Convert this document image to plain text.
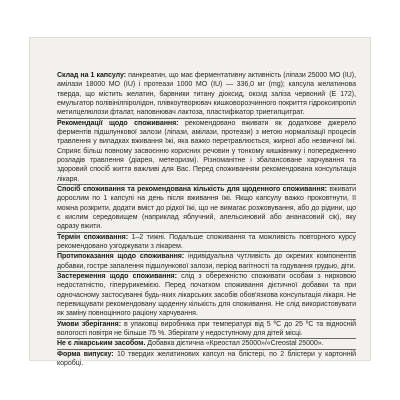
Склад на 1 капсулу: панкреатин, що має ферментативну активність (ліпази 25000 МО (IU), амілази 18000 МО (IU) і протеази 1000 МО (IU) — 336,0 мг (mg); капсула желатинова тверда, що містить желатин, барвники титану діоксид, оксид заліза червоний (E 172), емульгатор полівінілпіролідон, плівкоутворювач кишковорозчинного покриття гідроксипропіл метилцелюлози фталат, наповнювач лактоза, пластифікатор триетилцитрат.

Рекомендації щодо споживання: рекомендовано вживати як додаткове джерело ферментів підшлункової залози (ліпази, амілази, протеази) з метою нормалізації процесів травлення у випадках вживання їжі, яка важко перетравлюється, жирної або незвичної їжі. Сприяє більш повному засвоєнню корисних речовин у тонкому кишківнику і попередженню розладів травлення (діарея, метеоризм). Різноманітне і збалансоване харчування та здоровий спосіб життя важливі для Вас. Перед споживанням рекомендована консультація лікаря.

Спосіб споживання та рекомендована кількість для щоденного споживання: вживати дорослим по 1 капсулі на день після вживання їжі. Якщо капсулу важко проковтнути, її можна розкрити, додати вміст до рідкої їжі, що не вимагає розжовування, або до рідини, що є кислим середовищем (наприклад яблучний, апельсиновий або ананасовий сік), яку одразу вжити.

Термін споживання: 1–2 тижні. Подальше споживання та можливість повторного курсу рекомендовано узгоджувати з лікарем.

Протипоказання щодо споживання: індивідуальна чутливість до окремих компонентів добавки, гостре запалення підшлункової залози, період вагітності та годування грудью, діти.

Застереження щодо споживання: слід з обережністю споживати особам з нирковою недостатністю, гіперурикемією. Перед початком споживання дієтичної добавки та при одночасному застосуванні будь-яких лікарських засобів обов'язкова консультація лікаря. Не перевищувати рекомендовану щоденну кількість для споживання. Не слід використовувати як заміну повноцінного раціону харчування.

Умови зберігання: в упаковці виробника при температурі від 5 ºС до 25 ºС та відносній вологості повітря не більше 75 %. Зберігати у недоступному для дітей місці.

Не є лікарським засобом. Добавка дієтична «Креостал 25000»/«Creostal 25000».

Форма випуску: 10 твердих желатинових капсул на блістері, по 2 блістери у картонній коробці.
